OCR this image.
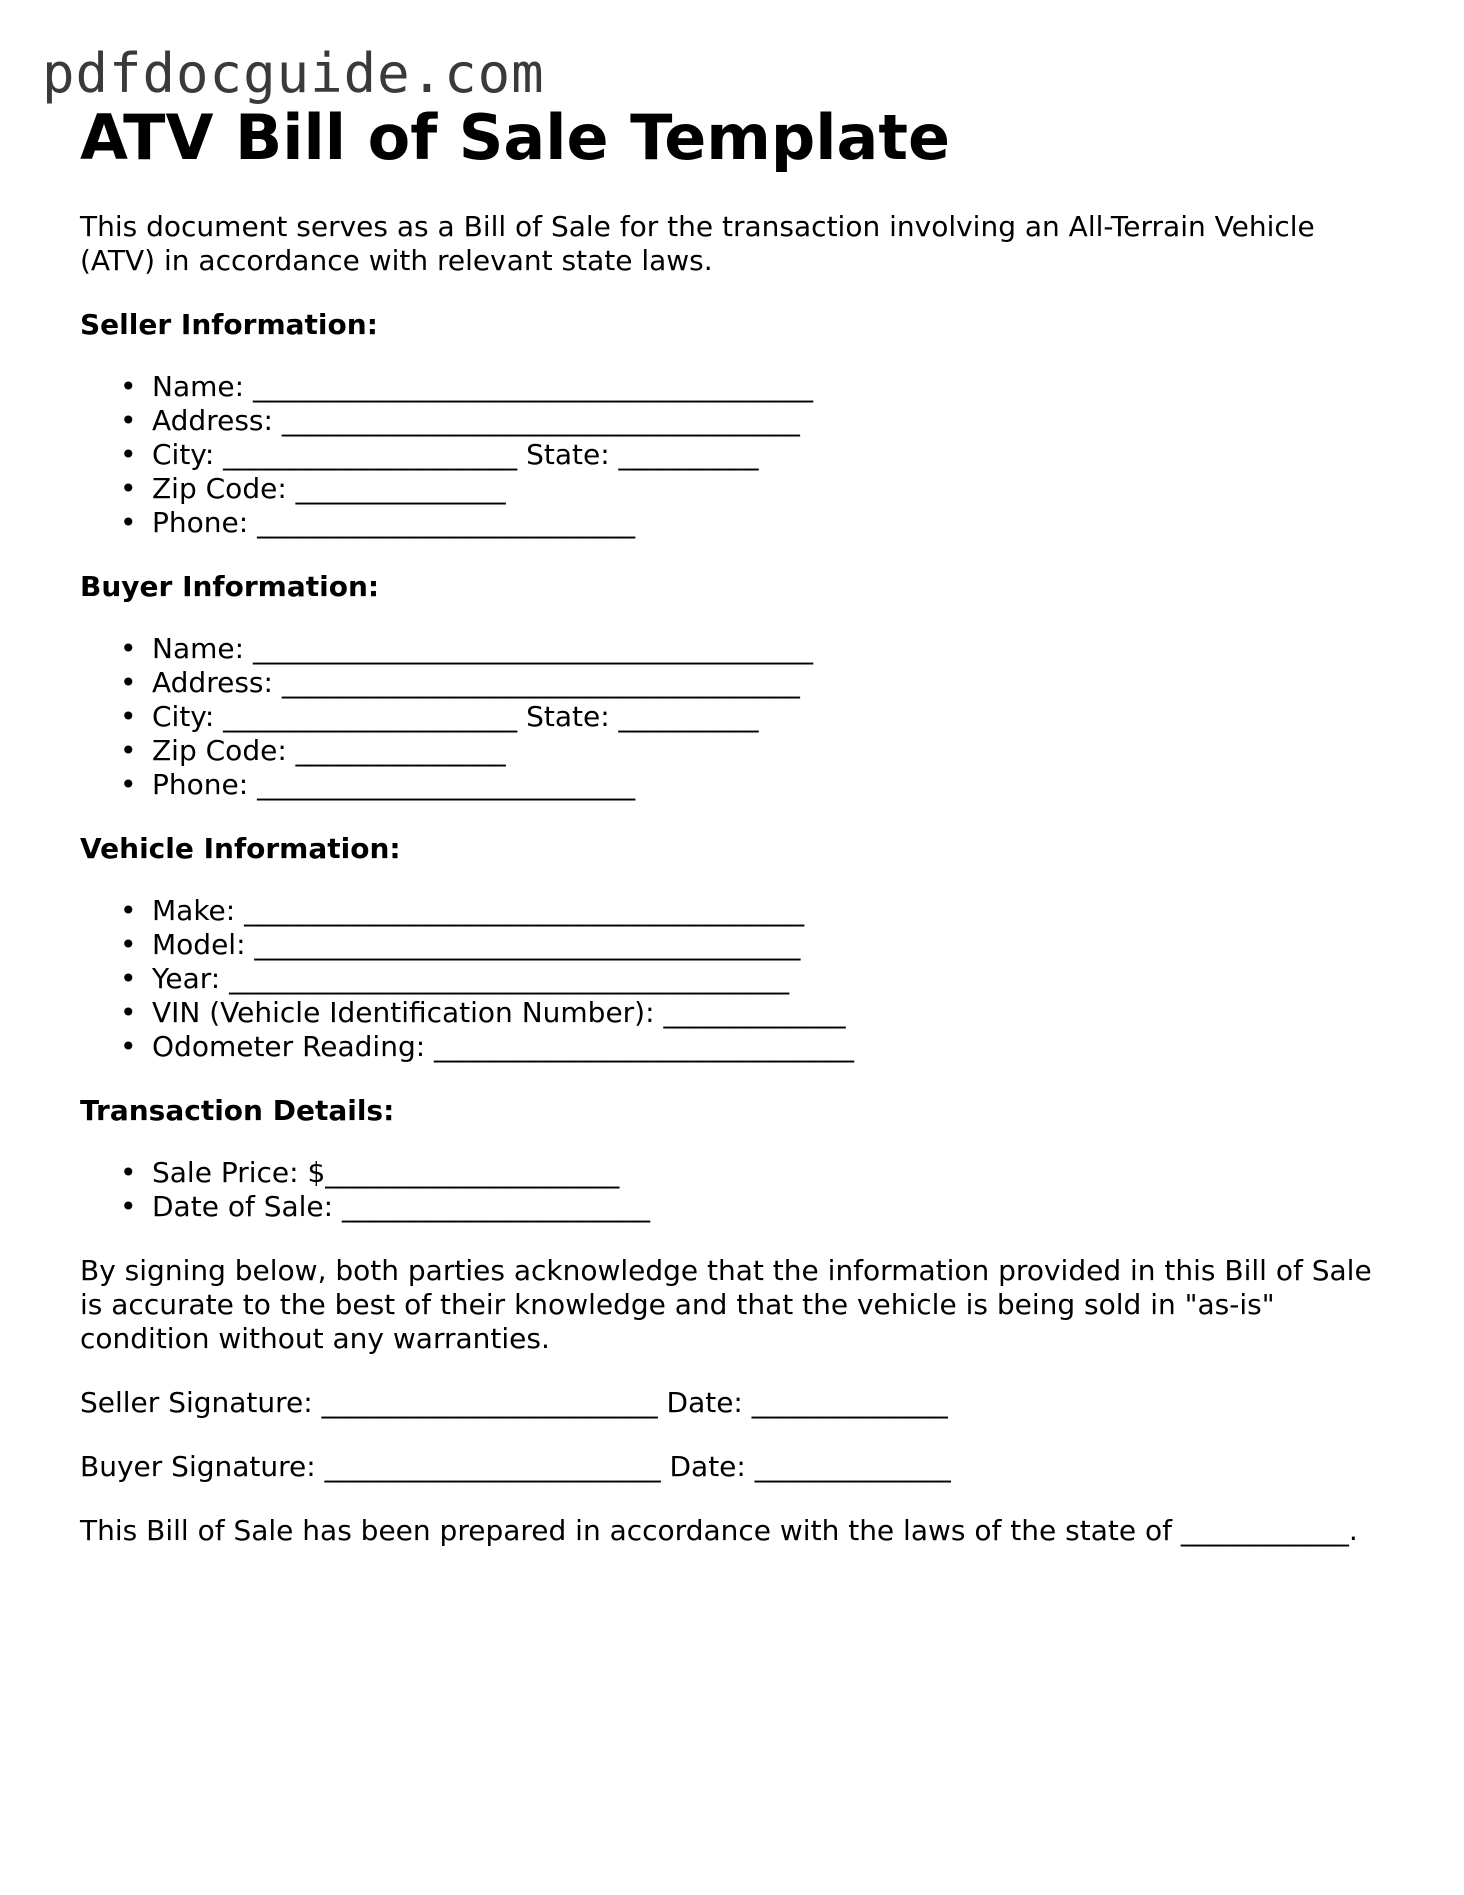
pdfdocguide.com
ATV Bill of Sale Template

This document serves as a Bill of Sale for the transaction involving an All-Terrain Vehicle (ATV) in accordance with relevant state laws.

Seller Information:
• Name: ________________________________________
• Address: _____________________________________
• City: _____________________ State: __________
• Zip Code: _______________
• Phone: ___________________________
Buyer Information:
• Name: ________________________________________
• Address: _____________________________________
• City: _____________________ State: __________
• Zip Code: _______________
• Phone: ___________________________
Vehicle Information:
• Make: ________________________________________
• Model: _______________________________________
• Year: ________________________________________
• VIN (Vehicle Identification Number): _____________
• Odometer Reading: ______________________________
Transaction Details:
• Sale Price: $_____________________
• Date of Sale: ______________________

By signing below, both parties acknowledge that the information provided in this Bill of Sale is accurate to the best of their knowledge and that the vehicle is being sold in "as-is" condition without any warranties.

Seller Signature: ________________________ Date: ______________

Buyer Signature: ________________________ Date: ______________

This Bill of Sale has been prepared in accordance with the laws of the state of ____________.
